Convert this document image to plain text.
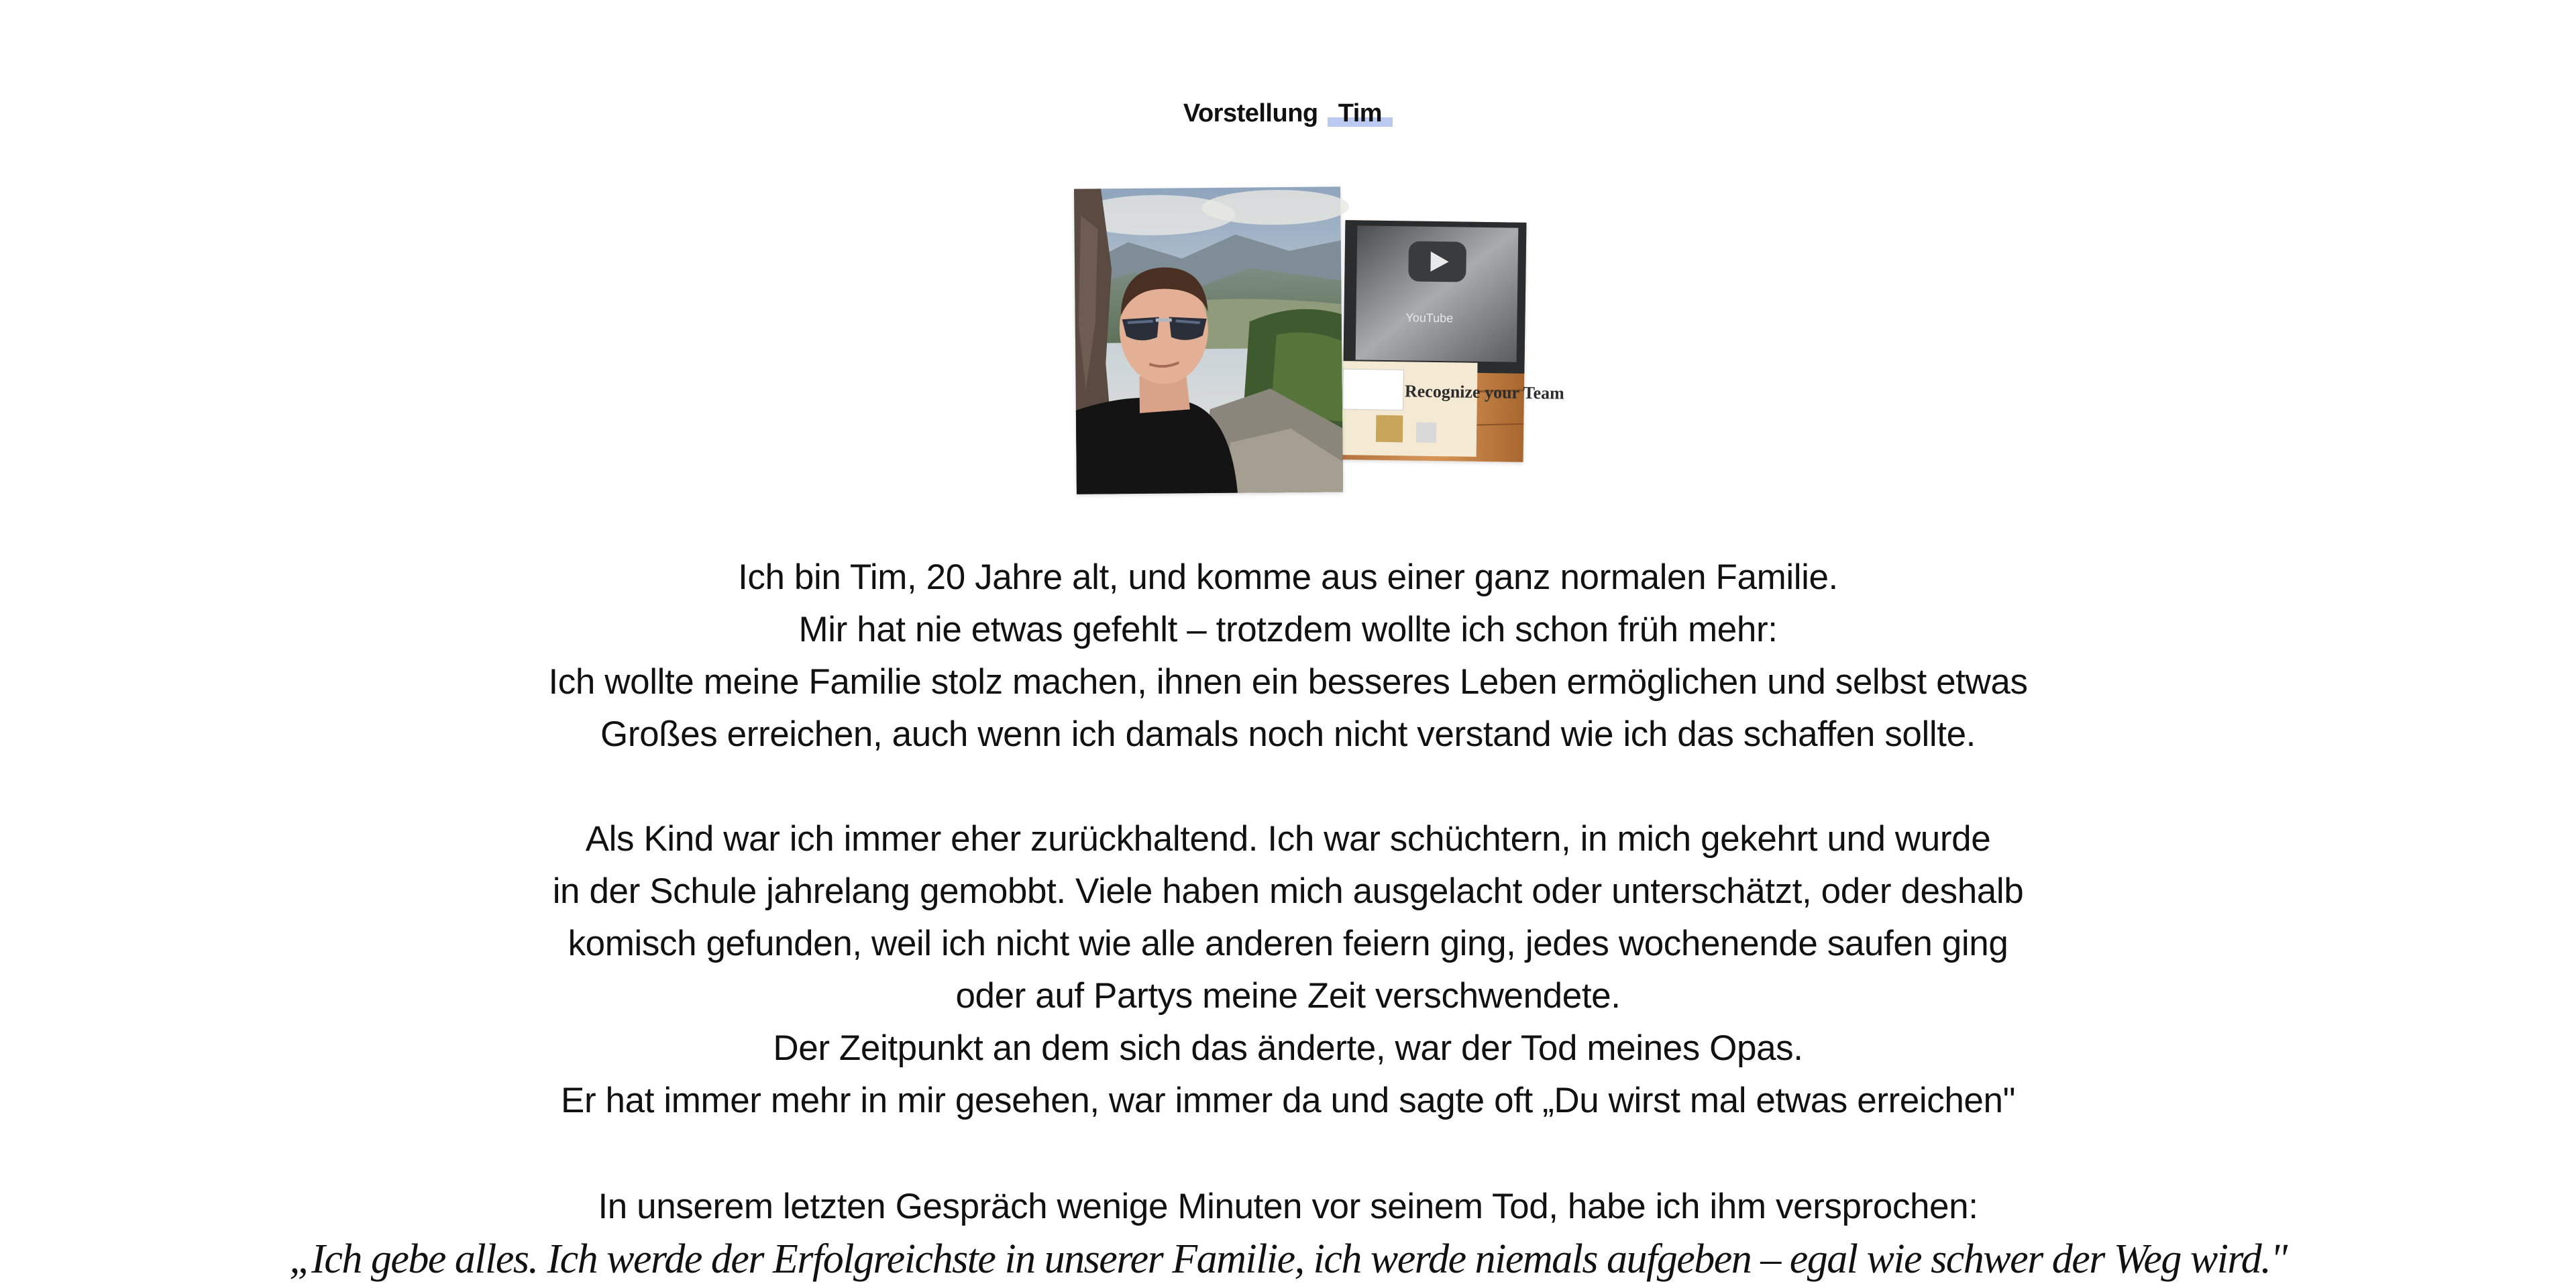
Vorstellung Tim
YouTube
Recognize your Team
Ich bin Tim, 20 Jahre alt, und komme aus einer ganz normalen Familie.
Mir hat nie etwas gefehlt – trotzdem wollte ich schon früh mehr:
Ich wollte meine Familie stolz machen, ihnen ein besseres Leben ermöglichen und selbst etwas
Großes erreichen, auch wenn ich damals noch nicht verstand wie ich das schaffen sollte.
Als Kind war ich immer eher zurückhaltend. Ich war schüchtern, in mich gekehrt und wurde
in der Schule jahrelang gemobbt. Viele haben mich ausgelacht oder unterschätzt, oder deshalb
komisch gefunden, weil ich nicht wie alle anderen feiern ging, jedes wochenende saufen ging
oder auf Partys meine Zeit verschwendete.
Der Zeitpunkt an dem sich das änderte, war der Tod meines Opas.
Er hat immer mehr in mir gesehen, war immer da und sagte oft „Du wirst mal etwas erreichen"
In unserem letzten Gespräch wenige Minuten vor seinem Tod, habe ich ihm versprochen:
„Ich gebe alles. Ich werde der Erfolgreichste in unserer Familie, ich werde niemals aufgeben – egal wie schwer der Weg wird."
